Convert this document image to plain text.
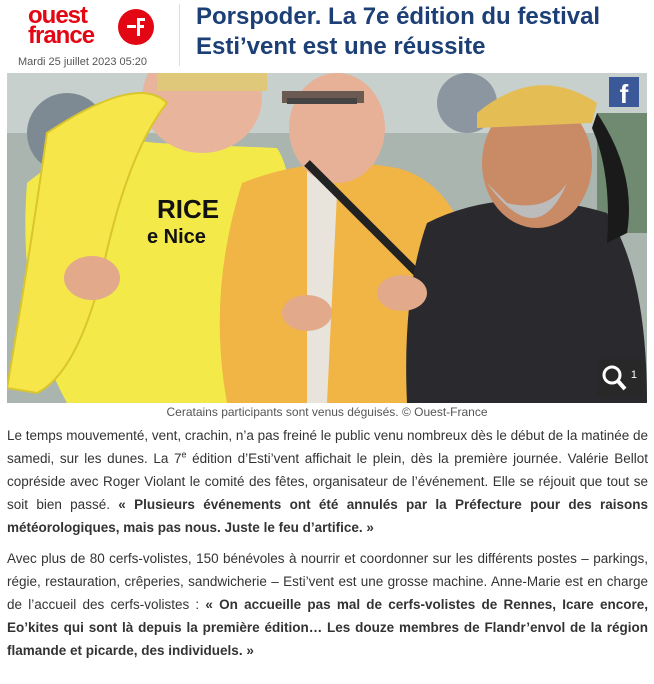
ouest
france
Mardi 25 juillet 2023 05:20
Porspoder. La 7e édition du festival Esti’vent est une réussite
RICE
e Nice
f
1
Ceratains participants sont venus déguisés. © Ouest-France

Le temps mouvementé, vent, crachin, n’a pas freiné le public venu nombreux dès le début de la matinée de samedi, sur les dunes. La 7e édition d’Esti’vent affichait le plein, dès la première journée. Valérie Bellot copréside avec Roger Violant le comité des fêtes, organisateur de l’événement. Elle se réjouit que tout se soit bien passé. « Plusieurs événements ont été annulés par la Préfecture pour des raisons météorologiques, mais pas nous. Juste le feu d’artifice. »

Avec plus de 80 cerfs-volistes, 150 bénévoles à nourrir et coordonner sur les différents postes – parkings, régie, restauration, crêperies, sandwicherie – Esti’vent est une grosse machine. Anne-Marie est en charge de l’accueil des cerfs-volistes : « On accueille pas mal de cerfs-volistes de Rennes, Icare encore, Eo’kites qui sont là depuis la première édition… Les douze membres de Flandr’envol de la région flamande et picarde, des individuels. »
